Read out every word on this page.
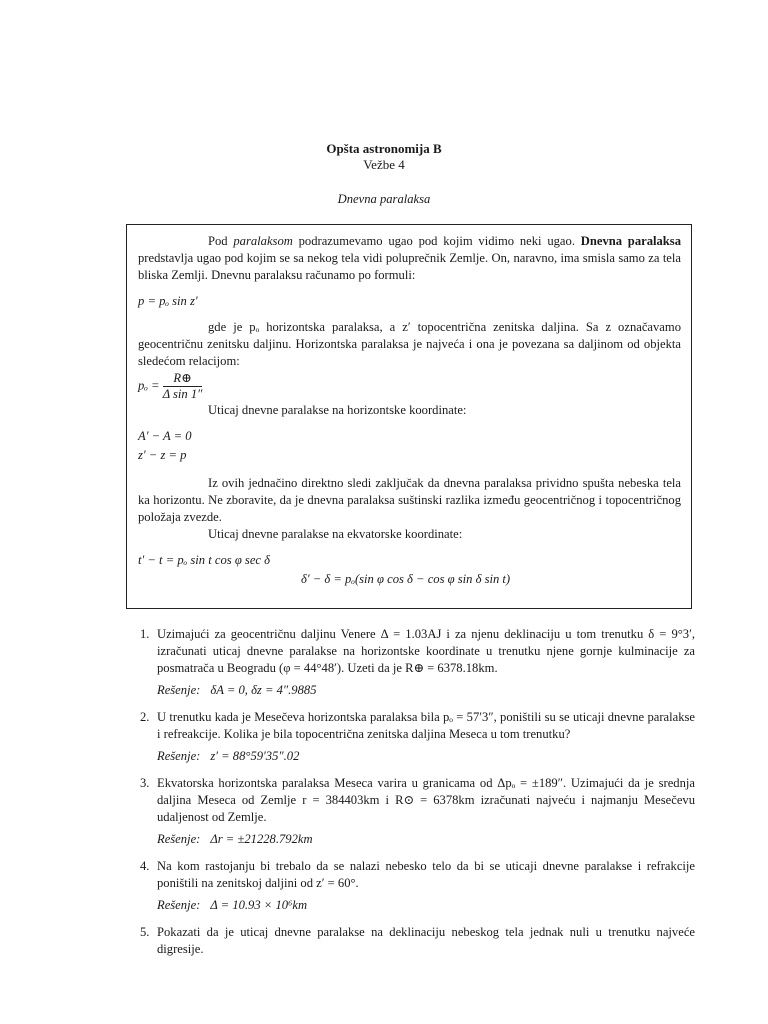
Opšta astronomija B
Vežbe 4
Dnevna paralaksa

Pod paralaksom podrazumevamo ugao pod kojim vidimo neki ugao. Dnevna paralaksa predstavlja ugao pod kojim se sa nekog tela vidi poluprečnik Zemlje. On, naravno, ima smisla samo za tela bliska Zemlji. Dnevnu paralaksu računamo po formuli:

p = pₒ sin z′

gde je pₒ horizontska paralaksa, a z′ topocentrična zenitska daljina. Sa z označavamo geocentričnu zenitsku daljinu. Horizontska paralaksa je najveća i ona je povezana sa daljinom od objekta sledećom relacijom:

$p_o = \frac{R\oplus}{\text{Δ sin 1″}}$

Uticaj dnevne paralakse na horizontske koordinate:

A′ − A = 0

z′ − z = p

Iz ovih jednačino direktno sledi zaključak da dnevna paralaksa prividno spušta nebeska tela ka horizontu. Ne zboravite, da je dnevna paralaksa suštinski razlika između geocentričnog i topocentričnog položaja zvezde.

Uticaj dnevne paralakse na ekvatorske koordinate:

t′ − t = pₒ sin t cos φ sec δ

δ′ − δ = pₒ(sin φ cos δ − cos φ sin δ sin t)

1. Uzimajući za geocentričnu daljinu Venere Δ = 1.03AJ i za njenu deklinaciju u tom trenutku δ = 9°3′, izračunati uticaj dnevne paralakse na horizontske koordinate u trenutku njene gornje kulminacije za posmatrača u Beogradu (φ = 44°48′). Uzeti da je R⊕ = 6378.18km.
Rešenje: δA = 0, δz = 4″.9885
2. U trenutku kada je Mesečeva horizontska paralaksa bila pₒ = 57′3″, poništili su se uticaji dnevne paralakse i refreakcije. Kolika je bila topocentrična zenitska daljina Meseca u tom trenutku?
Rešenje: z′ = 88°59′35″.02
3. Ekvatorska horizontska paralaksa Meseca varira u granicama od Δpₒ = ±189″. Uzimajući da je srednja daljina Meseca od Zemlje r = 384403km i R⊙ = 6378km izračunati najveću i najmanju Mesečevu udaljenost od Zemlje.
Rešenje: Δr = ±21228.792km
4. Na kom rastojanju bi trebalo da se nalazi nebesko telo da bi se uticaji dnevne paralakse i refrakcije poništili na zenitskoj daljini od z′ = 60°.
Rešenje: Δ = 10.93 × 10⁶km
5. Pokazati da je uticaj dnevne paralakse na deklinaciju nebeskog tela jednak nuli u trenutku najveće digresije.
